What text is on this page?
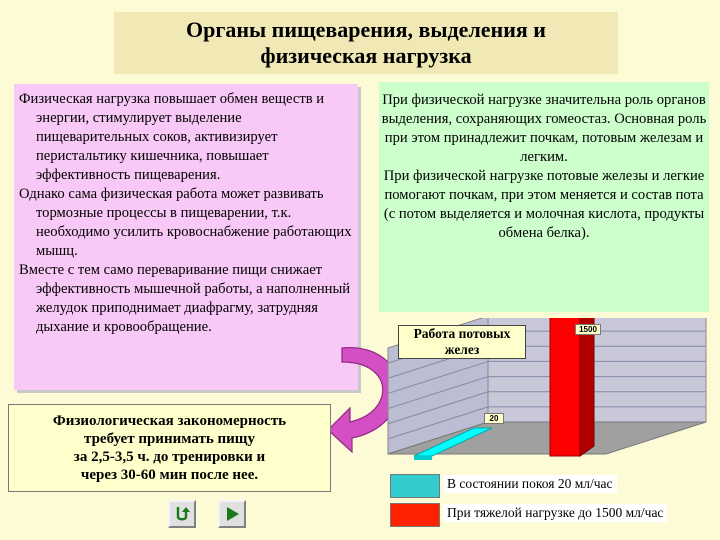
Органы пищеварения, выделения и
физическая нагрузка

Физическая нагрузка повышает обмен веществ и энергии, стимулирует выделение пищеварительных соков, активизирует перистальтику кишечника, повышает эффективность пищеварения.

Однако сама физическая работа может развивать тормозные процессы в пищеварении, т.к. необходимо усилить кровоснабжение работающих мышц.

Вместе с тем само переваривание пищи снижает эффективность мышечной работы, а наполненный желудок приподнимает диафрагму, затрудняя дыхание и кровообращение.

При физической нагрузке значительна роль органов выделения, сохраняющих гомеостаз. Основная роль при этом принадлежит почкам, потовым железам и легким.

При физической нагрузке потовые железы и легкие помогают почкам, при этом меняется и состав пота (с потом выделяется и молочная кислота, продукты обмена белка).

Физиологическая закономерность
требует принимать пищу
за 2,5-3,5 ч. до тренировки и
через 30-60 мин после нее.
Работа потовых желез
20
1500
В состоянии покоя 20 мл/час
При тяжелой нагрузке до 1500 мл/час
